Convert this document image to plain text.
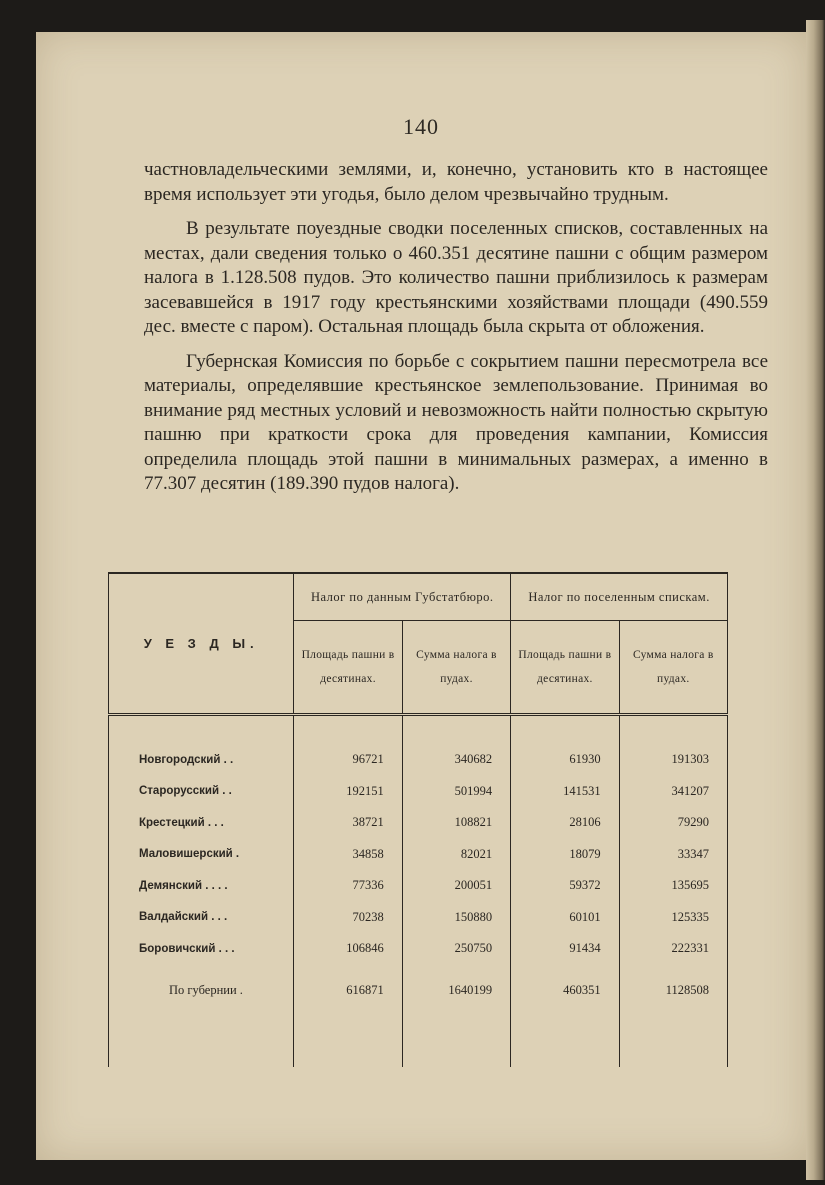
140

частновладельческими землями, и, конечно, установить кто в настоящее время использует эти угодья, было делом чрезвычайно трудным.

В результате поуездные сводки поселенных списков, составленных на местах, дали сведения только о 460.351 десятине пашни с общим размером налога в 1.128.508 пудов. Это количество пашни приблизилось к размерам засевавшейся в 1917 году крестьянскими хозяйствами площади (490.559 дес. вместе с паром). Остальная площадь была скрыта от обложения.

Губернская Комиссия по борьбе с сокрытием пашни пересмотрела все материалы, определявшие крестьянское землепользование. Принимая во внимание ряд местных условий и невозможность найти полностью скрытую пашню при краткости срока для проведения кампании, Комиссия определила площадь этой пашни в минимальных размерах, а именно в 77.307 десятин (189.390 пудов налога).

У Е З Д Ы.	Налог по данным Губстатбюро.		Налог по поселенным спискам.	
	Площадь пашни в десятинах.	Сумма налога в пудах.	Площадь пашни в десятинах.	Сумма налога в пудах.

Новгородский . .	96721	340682	61930	191303
Старорусский . .	192151	501994	141531	341207
Крестецкий . . .	38721	108821	28106	79290
Маловишерский .	34858	82021	18079	33347
Демянский . . . .	77336	200051	59372	135695
Валдайский . . .	70238	150880	60101	125335
Боровичский . . .	106846	250750	91434	222331
По губернии .	616871	1640199	460351	1128508
